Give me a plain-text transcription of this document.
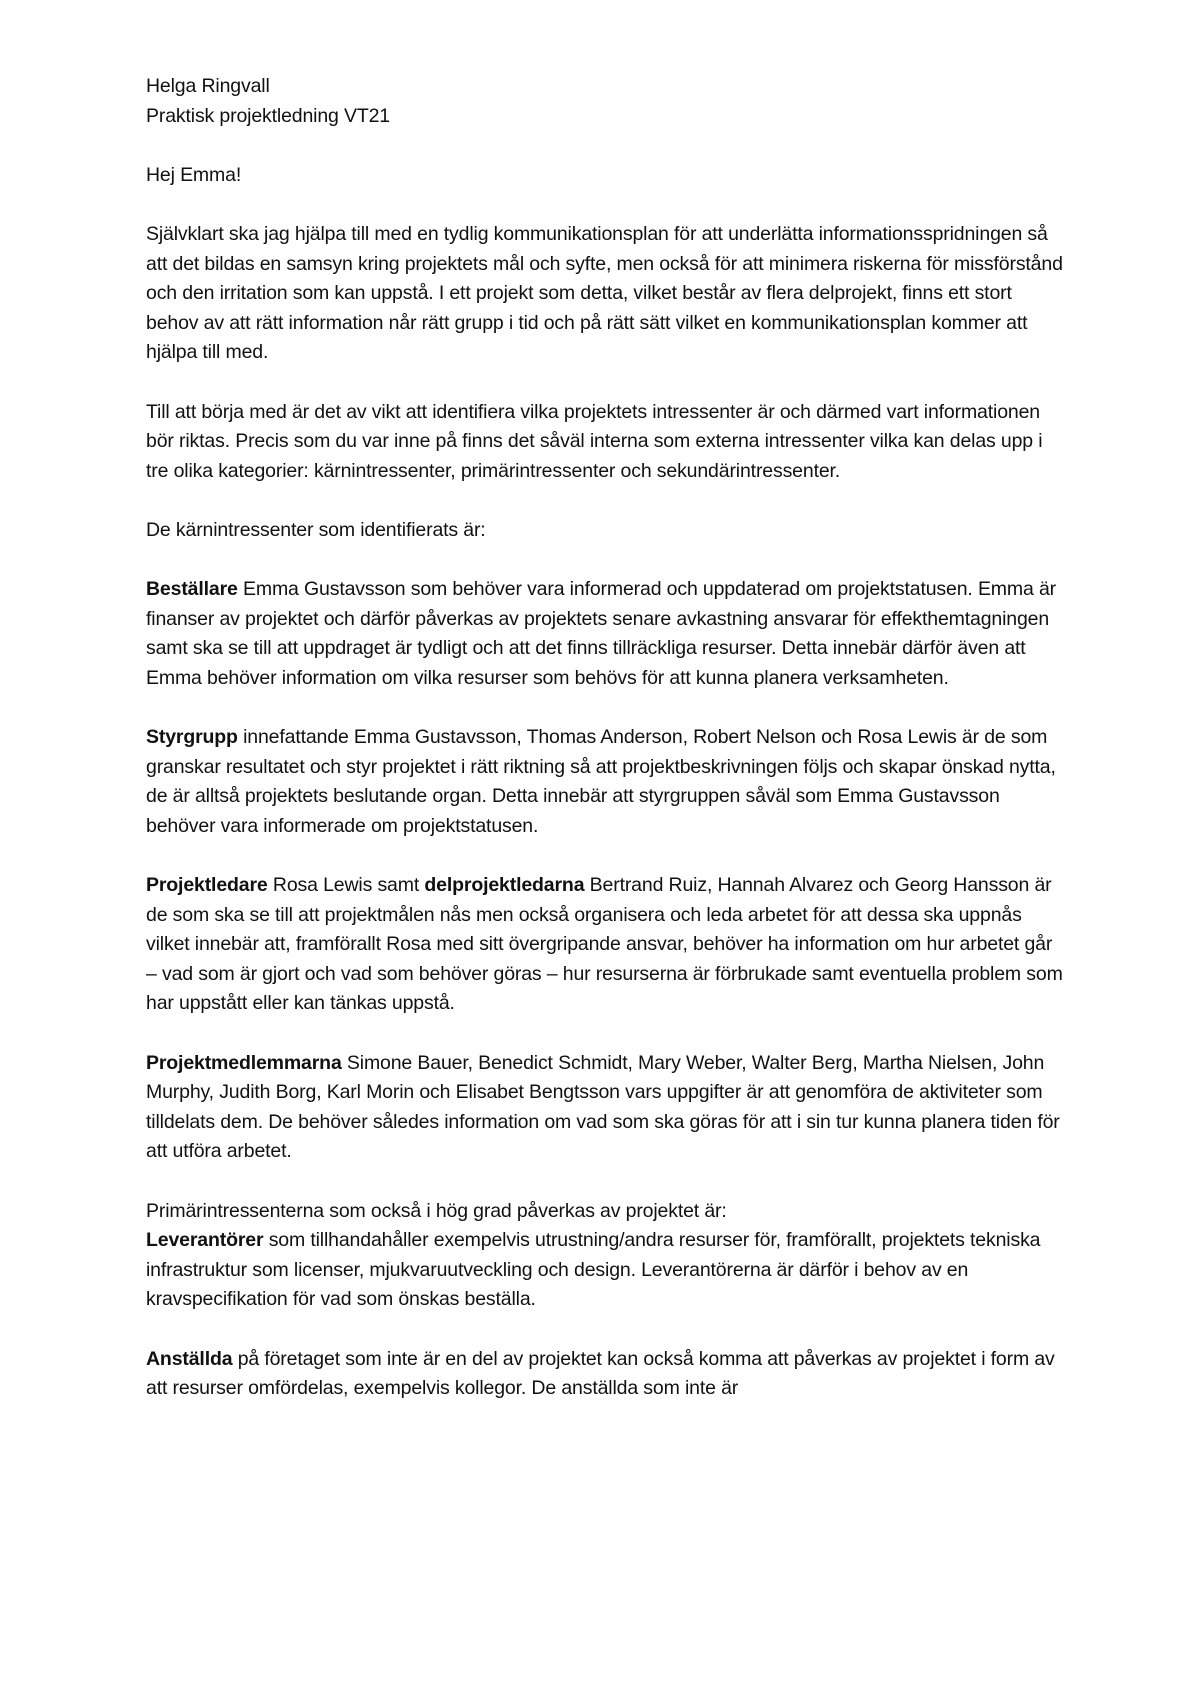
Helga Ringvall

Praktisk projektledning VT21

Hej Emma!

Självklart ska jag hjälpa till med en tydlig kommunikationsplan för att underlätta informationsspridningen så att det bildas en samsyn kring projektets mål och syfte, men också för att minimera riskerna för missförstånd och den irritation som kan uppstå. I ett projekt som detta, vilket består av flera delprojekt, finns ett stort behov av att rätt information når rätt grupp i tid och på rätt sätt vilket en kommunikationsplan kommer att hjälpa till med.

Till att börja med är det av vikt att identifiera vilka projektets intressenter är och därmed vart informationen bör riktas. Precis som du var inne på finns det såväl interna som externa intressenter vilka kan delas upp i tre olika kategorier: kärnintressenter, primärintressenter och sekundärintressenter.

De kärnintressenter som identifierats är:

Beställare Emma Gustavsson som behöver vara informerad och uppdaterad om projektstatusen. Emma är finanser av projektet och därför påverkas av projektets senare avkastning ansvarar för effekthemtagningen samt ska se till att uppdraget är tydligt och att det finns tillräckliga resurser. Detta innebär därför även att Emma behöver information om vilka resurser som behövs för att kunna planera verksamheten.

Styrgrupp innefattande Emma Gustavsson, Thomas Anderson, Robert Nelson och Rosa Lewis är de som granskar resultatet och styr projektet i rätt riktning så att projektbeskrivningen följs och skapar önskad nytta, de är alltså projektets beslutande organ. Detta innebär att styrgruppen såväl som Emma Gustavsson behöver vara informerade om projektstatusen.

Projektledare Rosa Lewis samt delprojektledarna Bertrand Ruiz, Hannah Alvarez och Georg Hansson är de som ska se till att projektmålen nås men också organisera och leda arbetet för att dessa ska uppnås vilket innebär att, framförallt Rosa med sitt övergripande ansvar, behöver ha information om hur arbetet går – vad som är gjort och vad som behöver göras – hur resurserna är förbrukade samt eventuella problem som har uppstått eller kan tänkas uppstå.

Projektmedlemmarna Simone Bauer, Benedict Schmidt, Mary Weber, Walter Berg, Martha Nielsen, John Murphy, Judith Borg, Karl Morin och Elisabet Bengtsson vars uppgifter är att genomföra de aktiviteter som tilldelats dem. De behöver således information om vad som ska göras för att i sin tur kunna planera tiden för att utföra arbetet.

Primärintressenterna som också i hög grad påverkas av projektet är:

Leverantörer som tillhandahåller exempelvis utrustning/andra resurser för, framförallt, projektets tekniska infrastruktur som licenser, mjukvaruutveckling och design. Leverantörerna är därför i behov av en kravspecifikation för vad som önskas beställa.

Anställda på företaget som inte är en del av projektet kan också komma att påverkas av projektet i form av att resurser omfördelas, exempelvis kollegor. De anställda som inte är
